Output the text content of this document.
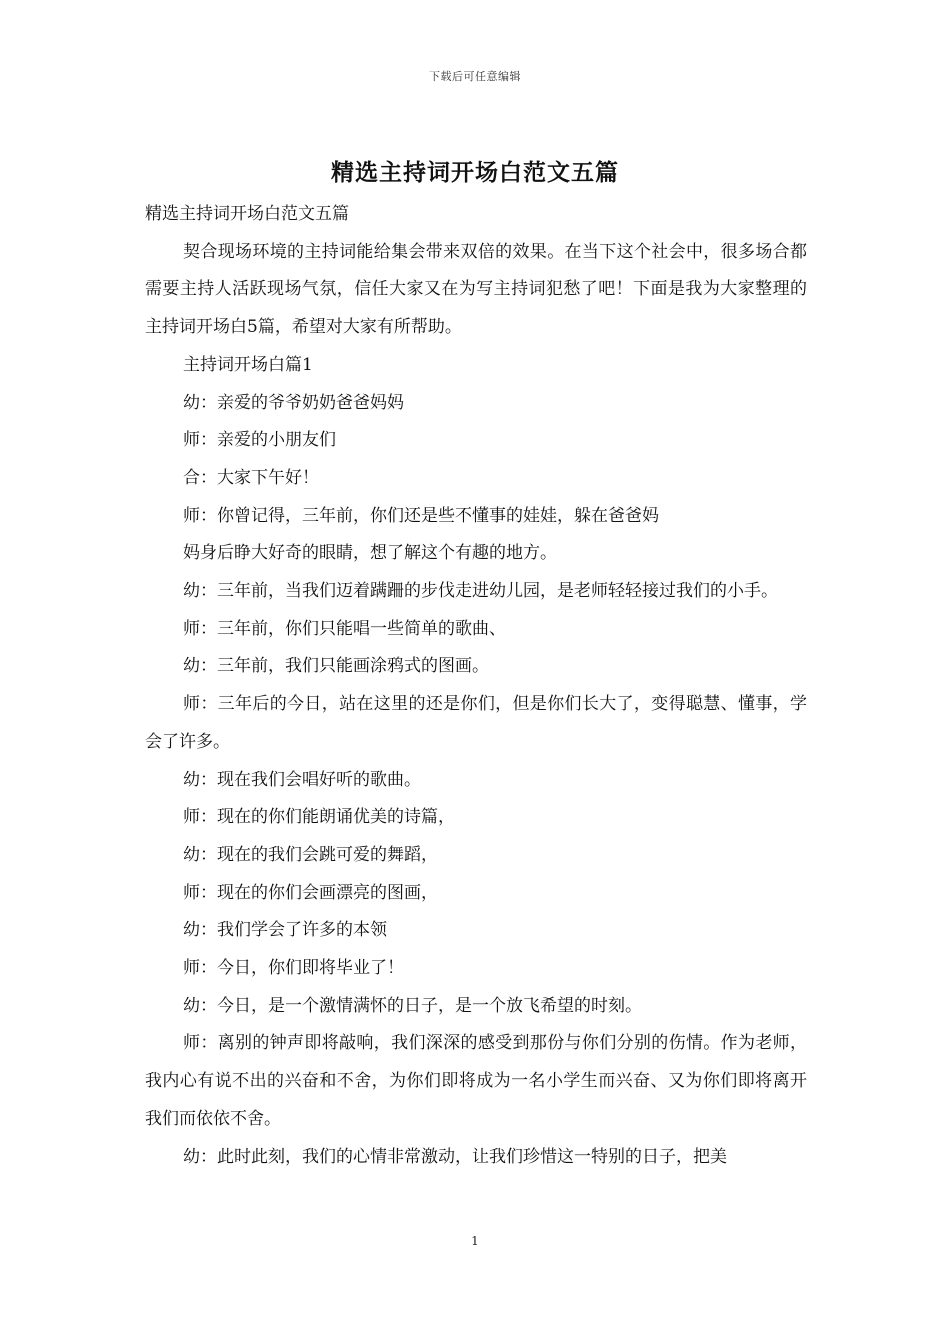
下载后可任意编辑
精选主持词开场白范文五篇

精选主持词开场白范文五篇

契合现场环境的主持词能给集会带来双倍的效果。在当下这个社会中，很多场合都需要主持人活跃现场气氛，信任大家又在为写主持词犯愁了吧！下面是我为大家整理的主持词开场白5篇，希望对大家有所帮助。

主持词开场白篇1

幼：亲爱的爷爷奶奶爸爸妈妈

师：亲爱的小朋友们

合：大家下午好！

师：你曾记得，三年前，你们还是些不懂事的娃娃，躲在爸爸妈

妈身后睁大好奇的眼睛，想了解这个有趣的地方。

幼：三年前，当我们迈着蹒跚的步伐走进幼儿园，是老师轻轻接过我们的小手。

师：三年前，你们只能唱一些简单的歌曲、

幼：三年前，我们只能画涂鸦式的图画。

师：三年后的今日，站在这里的还是你们，但是你们长大了，变得聪慧、懂事，学会了许多。

幼：现在我们会唱好听的歌曲。

师：现在的你们能朗诵优美的诗篇，

幼：现在的我们会跳可爱的舞蹈，

师：现在的你们会画漂亮的图画，

幼：我们学会了许多的本领

师：今日，你们即将毕业了！

幼：今日，是一个激情满怀的日子，是一个放飞希望的时刻。

师：离别的钟声即将敲响，我们深深的感受到那份与你们分别的伤情。作为老师，我内心有说不出的兴奋和不舍，为你们即将成为一名小学生而兴奋、又为你们即将离开我们而依依不舍。

幼：此时此刻，我们的心情非常激动，让我们珍惜这一特别的日子，把美

1
